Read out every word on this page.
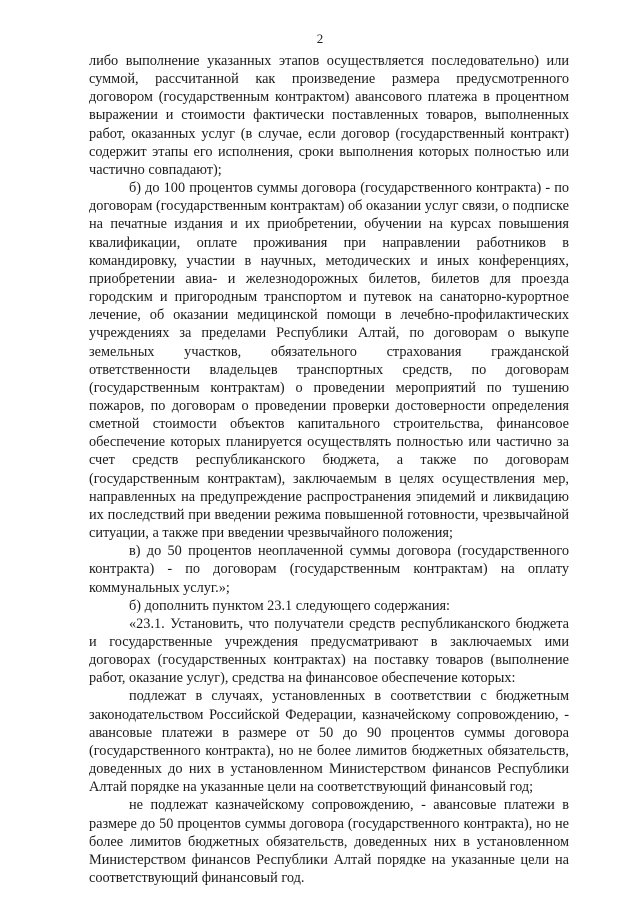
2

либо выполнение указанных этапов осуществляется последовательно) или суммой, рассчитанной как произведение размера предусмотренного договором (государственным контрактом) авансового платежа в процентном выражении и стоимости фактически поставленных товаров, выполненных работ, оказанных услуг (в случае, если договор (государственный контракт) содержит этапы его исполнения, сроки выполнения которых полностью или частично совпадают);

б) до 100 процентов суммы договора (государственного контракта) - по договорам (государственным контрактам) об оказании услуг связи, о подписке на печатные издания и их приобретении, обучении на курсах повышения квалификации, оплате проживания при направлении работников в командировку, участии в научных, методических и иных конференциях, приобретении авиа- и железнодорожных билетов, билетов для проезда городским и пригородным транспортом и путевок на санаторно-курортное лечение, об оказании медицинской помощи в лечебно-профилактических учреждениях за пределами Республики Алтай, по договорам о выкупе земельных участков, обязательного страхования гражданской ответственности владельцев транспортных средств, по договорам (государственным контрактам) о проведении мероприятий по тушению пожаров, по договорам о проведении проверки достоверности определения сметной стоимости объектов капитального строительства, финансовое обеспечение которых планируется осуществлять полностью или частично за счет средств республиканского бюджета, а также по договорам (государственным контрактам), заключаемым в целях осуществления мер, направленных на предупреждение распространения эпидемий и ликвидацию их последствий при введении режима повышенной готовности, чрезвычайной ситуации, а также при введении чрезвычайного положения;

в) до 50 процентов неоплаченной суммы договора (государственного контракта) - по договорам (государственным контрактам) на оплату коммунальных услуг.»;

б) дополнить пунктом 23.1 следующего содержания:

«23.1. Установить, что получатели средств республиканского бюджета и государственные учреждения предусматривают в заключаемых ими договорах (государственных контрактах) на поставку товаров (выполнение работ, оказание услуг), средства на финансовое обеспечение которых:

подлежат в случаях, установленных в соответствии с бюджетным законодательством Российской Федерации, казначейскому сопровождению, - авансовые платежи в размере от 50 до 90 процентов суммы договора (государственного контракта), но не более лимитов бюджетных обязательств, доведенных до них в установленном Министерством финансов Республики Алтай порядке на указанные цели на соответствующий финансовый год;

не подлежат казначейскому сопровождению, - авансовые платежи в размере до 50 процентов суммы договора (государственного контракта), но не более лимитов бюджетных обязательств, доведенных них в установленном Министерством финансов Республики Алтай порядке на указанные цели на соответствующий финансовый год.
